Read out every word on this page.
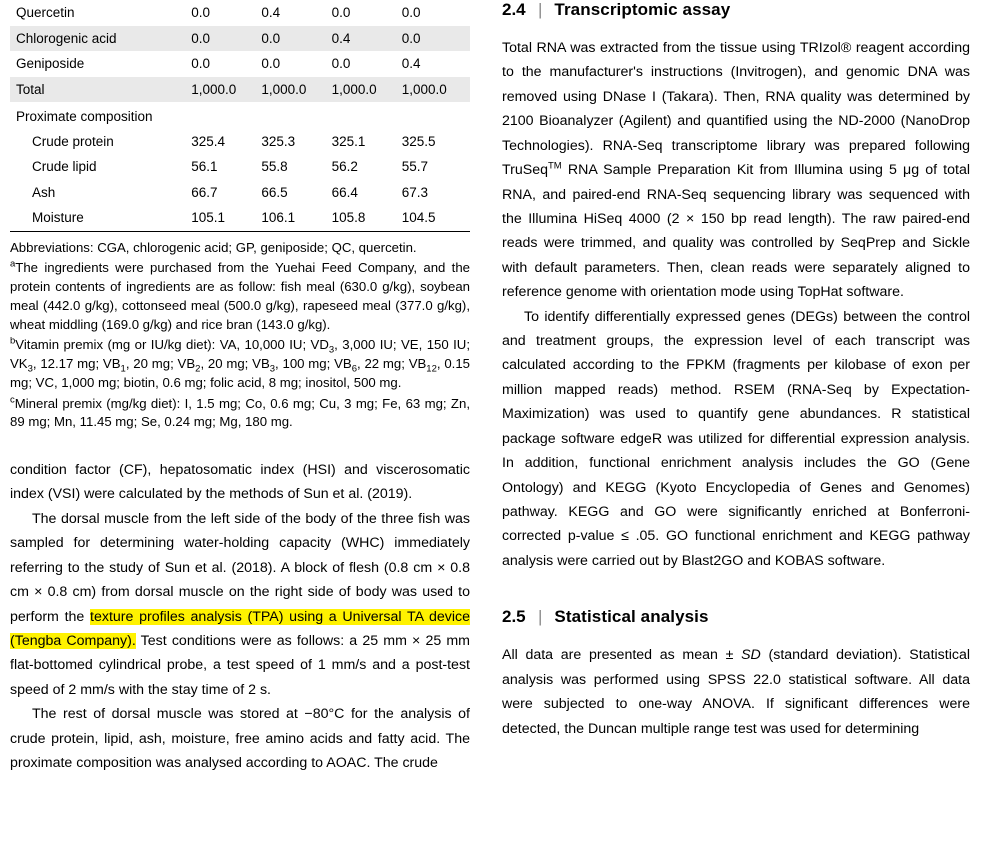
Quercetin	0.0	0.4	0.0	0.0
Chlorogenic acid	0.0	0.0	0.4	0.0
Geniposide	0.0	0.0	0.0	0.4
Total	1,000.0	1,000.0	1,000.0	1,000.0
Proximate composition				
Crude protein	325.4	325.3	325.1	325.5
Crude lipid	56.1	55.8	56.2	55.7
Ash	66.7	66.5	66.4	67.3
Moisture	105.1	106.1	105.8	104.5

Abbreviations: CGA, chlorogenic acid; GP, geniposide; QC, quercetin.

$^a$The ingredients were purchased from the Yuehai Feed Company, and the protein contents of ingredients are as follow: fish meal (630.0 g/kg), soybean meal (442.0 g/kg), cottonseed meal (500.0 g/kg), rapeseed meal (377.0 g/kg), wheat middling (169.0 g/kg) and rice bran (143.0 g/kg).

$^b$Vitamin premix (mg or IU/kg diet): VA, 10,000 IU; $VD_3$, 3,000 IU; VE, 150 IU; $VK_3$, 12.17 mg; $VB_1$, 20 mg; $VB_2$, 20 mg; $VB_3$, 100 mg; $VB_6$, 22 mg; $VB_{12}$, 0.15 mg; VC, 1,000 mg; biotin, 0.6 mg; folic acid, 8 mg; inositol, 500 mg.

$^c$Mineral premix (mg/kg diet): I, 1.5 mg; Co, 0.6 mg; Cu, 3 mg; Fe, 63 mg; Zn, 89 mg; Mn, 11.45 mg; Se, 0.24 mg; Mg, 180 mg.

condition factor (CF), hepatosomatic index (HSI) and viscerosomatic index (VSI) were calculated by the methods of Sun et al. (2019).

The dorsal muscle from the left side of the body of the three fish was sampled for determining water-holding capacity (WHC) immediately referring to the study of Sun et al. (2018). A block of flesh (0.8 cm × 0.8 cm × 0.8 cm) from dorsal muscle on the right side of body was used to perform the texture profiles analysis (TPA) using a Universal TA device (Tengba Company). Test conditions were as follows: a 25 mm × 25 mm flat-bottomed cylindrical probe, a test speed of 1 mm/s and a post-test speed of 2 mm/s with the stay time of 2 s.

The rest of dorsal muscle was stored at −80°C for the analysis of crude protein, lipid, ash, moisture, free amino acids and fatty acid. The proximate composition was analysed according to AOAC. The crude

2.4 | Transcriptomic assay

Total RNA was extracted from the tissue using TRIzol® reagent according to the manufacturer's instructions (Invitrogen), and genomic DNA was removed using DNase I (Takara). Then, RNA quality was determined by 2100 Bioanalyzer (Agilent) and quantified using the ND-2000 (NanoDrop Technologies). RNA-Seq transcriptome library was prepared following TruSeq™ RNA Sample Preparation Kit from Illumina using 5 μg of total RNA, and paired-end RNA-Seq sequencing library was sequenced with the Illumina HiSeq 4000 (2 × 150 bp read length). The raw paired-end reads were trimmed, and quality was controlled by SeqPrep and Sickle with default parameters. Then, clean reads were separately aligned to reference genome with orientation mode using TopHat software.

To identify differentially expressed genes (DEGs) between the control and treatment groups, the expression level of each transcript was calculated according to the FPKM (fragments per kilobase of exon per million mapped reads) method. RSEM (RNA-Seq by Expectation-Maximization) was used to quantify gene abundances. R statistical package software edgeR was utilized for differential expression analysis. In addition, functional enrichment analysis includes the GO (Gene Ontology) and KEGG (Kyoto Encyclopedia of Genes and Genomes) pathway. KEGG and GO were significantly enriched at Bonferroni-corrected p-value ≤ .05. GO functional enrichment and KEGG pathway analysis were carried out by Blast2GO and KOBAS software.

2.5 | Statistical analysis

All data are presented as mean ± SD (standard deviation). Statistical analysis was performed using SPSS 22.0 statistical software. All data were subjected to one-way ANOVA. If significant differences were detected, the Duncan multiple range test was used for determining
